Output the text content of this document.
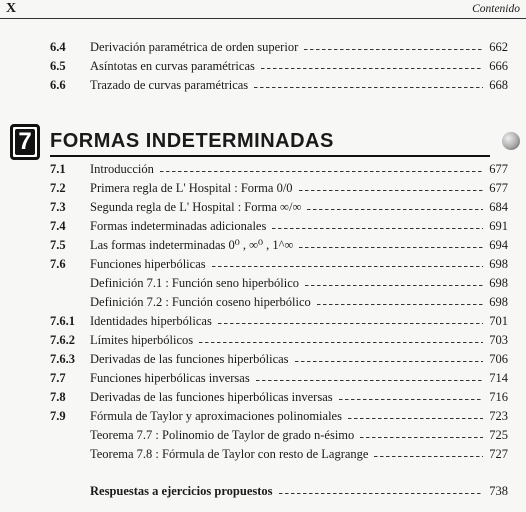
X	Contenido
6.4	Derivación paramétrica de orden superior	662
6.5	Asíntotas en curvas paramétricas	666
6.6	Trazado de curvas paramétricas	668
7 FORMAS INDETERMINADAS
7.1	Introducción	677
7.2	Primera regla de L' Hospital : Forma 0/0	677
7.3	Segunda regla de L' Hospital : Forma ∞/∞	684
7.4	Formas indeterminadas adicionales	691
7.5	Las formas indeterminadas 0⁰ , ∞⁰ , 1^∞	694
7.6	Funciones hiperbólicas	698
Definición 7.1 : Función seno hiperbólico	698
Definición 7.2 : Función coseno hiperbólico	698
7.6.1	Identidades hiperbólicas	701
7.6.2	Límites hiperbólicos	703
7.6.3	Derivadas de las funciones hiperbólicas	706
7.7	Funciones hiperbólicas inversas	714
7.8	Derivadas de las funciones hiperbólicas inversas	716
7.9	Fórmula de Taylor y aproximaciones polinomiales	723
Teorema 7.7 : Polinomio de Taylor de grado n-ésimo	725
Teorema 7.8 : Fórmula de Taylor con resto de Lagrange	727
Respuestas a ejercicios propuestos	738
